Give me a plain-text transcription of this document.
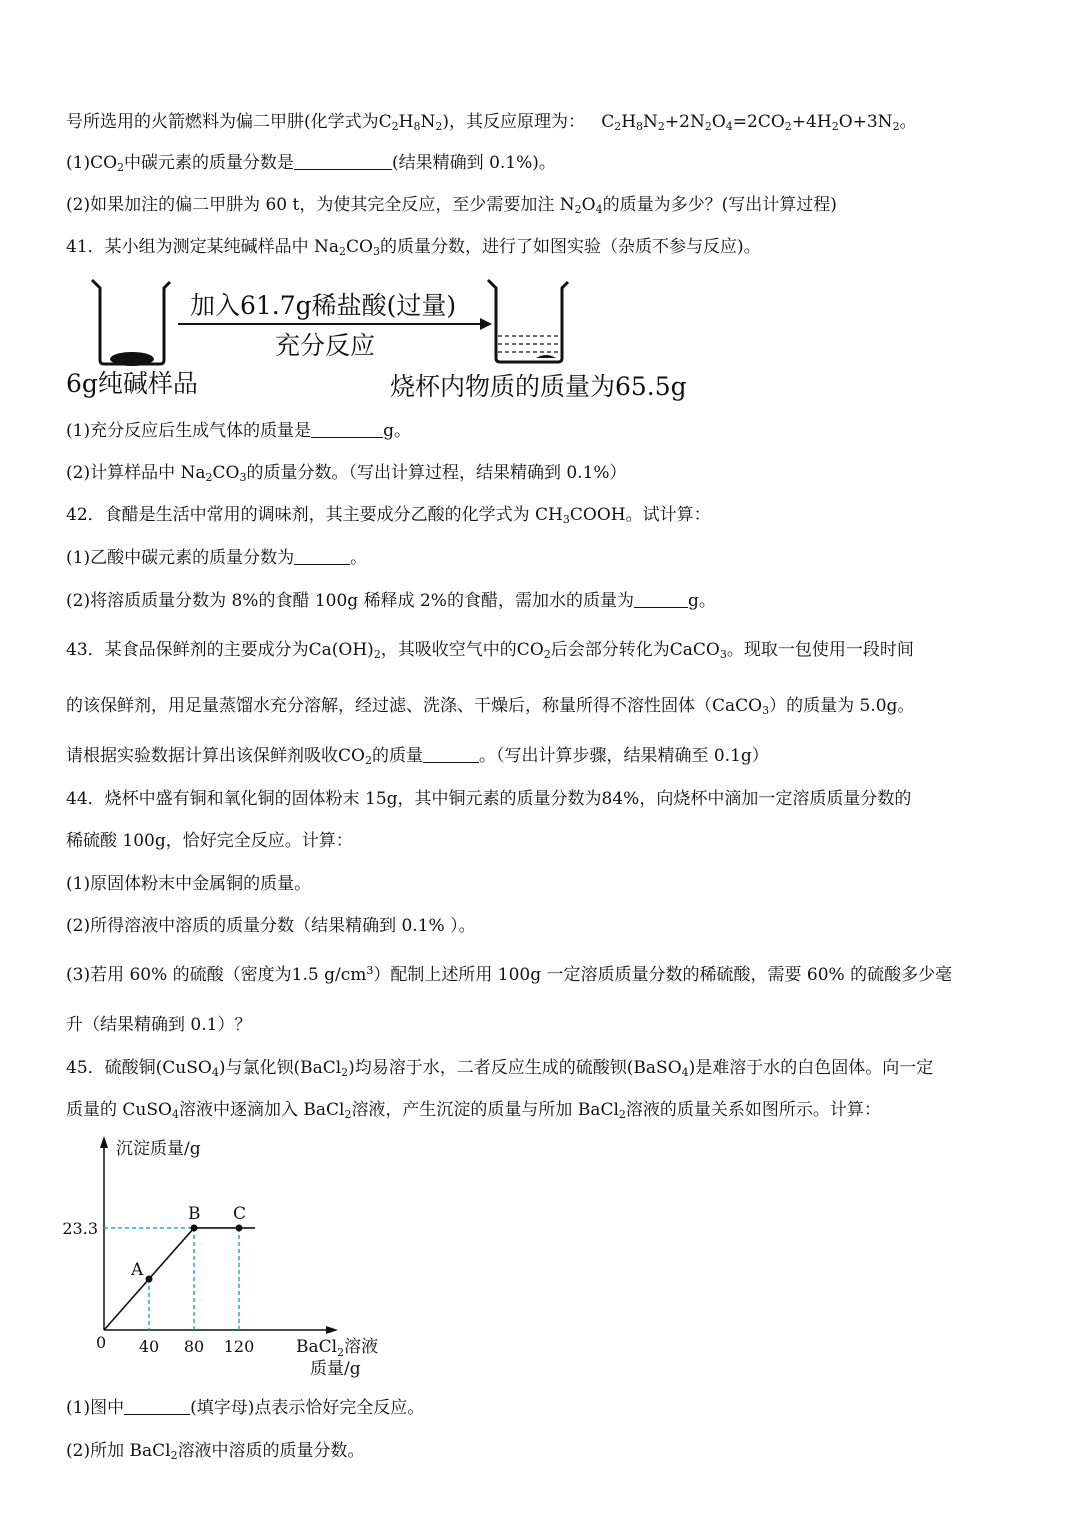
号所选用的火箭燃料为偏二甲肼(化学式为$C_2H_8N_2$)，其反应原理为：   $C_2H_8N_2+2N_2O_4=2CO_2+4H_2O+3N_2$。
$(1)CO_2$中碳元素的质量分数是	(结果精确到 0.1%)。
(2)如果加注的偏二甲肼为 60 t，为使其完全反应，至少需要加注 $N_2O_4$的质量为多少？(写出计算过程)
41．某小组为测定某纯碱样品中 $Na_2CO_3$的质量分数，进行了如图实验（杂质不参与反应)。
加入61.7g稀盐酸(过量)
充分反应
6g纯碱样品	烧杯内物质的质量为65.5g
(1)充分反应后生成气体的质量是	g。
(2)计算样品中 $Na_2CO_3$的质量分数。（写出计算过程，结果精确到 0.1%）
42．食醋是生活中常用的调味剂，其主要成分乙酸的化学式为 $CH_3COOH$。试计算：
(1)乙酸中碳元素的质量分数为	。
(2)将溶质质量分数为 8%的食醋 100g 稀释成 2%的食醋，需加水的质量为	g。
43．某食品保鲜剂的主要成分为$Ca(OH)_2$，其吸收空气中的$CO_2$后会部分转化为CaCO$_3$。现取一包使用一段时间
的该保鲜剂，用足量蒸馏水充分溶解，经过滤、洗涤、干燥后，称量所得不溶性固体（CaCO$_3$）的质量为 5.0g。
请根据实验数据计算出该保鲜剂吸收$CO_2$的质量	。（写出计算步骤，结果精确至 0.1g）
44．烧杯中盛有铜和氧化铜的固体粉末 15g，其中铜元素的质量分数为84%，向烧杯中滴加一定溶质质量分数的
稀硫酸 100g，恰好完全反应。计算：
(1)原固体粉末中金属铜的质量。
(2)所得溶液中溶质的质量分数（结果精确到 0.1% ）。
(3)若用 60% 的硫酸（密度为1.5 $g/cm^3$）配制上述所用 100g 一定溶质质量分数的稀硫酸，需要 60% 的硫酸多少毫
升（结果精确到 0.1）？
45．硫酸铜(CuSO$_4$)与氯化钡(BaCl$_2$)均易溶于水，二者反应生成的硫酸钡(BaSO$_4$)是难溶于水的白色固体。向一定
质量的 CuSO$_4$溶液中逐滴加入 BaCl$_2$溶液，产生沉淀的质量与所加 BaCl$_2$溶液的质量关系如图所示。计算：
沉淀质量/g
0	BaCl$_2$溶液
质量/g
A
B C
40 80 120
23.3
(1)图中	(填字母)点表示恰好完全反应。
(2)所加 BaCl$_2$溶液中溶质的质量分数。
